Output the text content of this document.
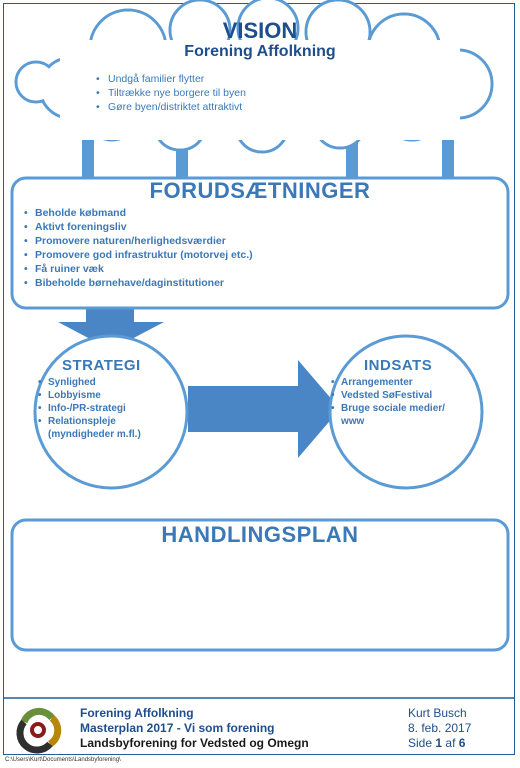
VISION
Forening Affolkning
• Undgå familier flytter
• Tiltrække nye borgere til byen
• Gøre byen/distriktet attraktivt
FORUDSÆTNINGER
• Beholde købmand
• Aktivt foreningsliv
• Promovere naturen/herlighedsværdier
• Promovere god infrastruktur (motorvej etc.)
• Få ruiner væk
• Bibeholde børnehave/daginstitutioner
STRATEGI
• Synlighed
• Lobbyisme
• Info-/PR-strategi
• Relationspleje
(myndigheder m.fl.)
INDSATS
• Arrangementer
• Vedsted SøFestival
• Bruge sociale medier/
www
HANDLINGSPLAN
Forening Affolkning
Masterplan 2017 - Vi som forening
Landsbyforening for Vedsted og Omegn
Kurt Busch
8. feb. 2017
Side 1 af 6
C:\Users\Kurt\Documents\Landsbyforening\
